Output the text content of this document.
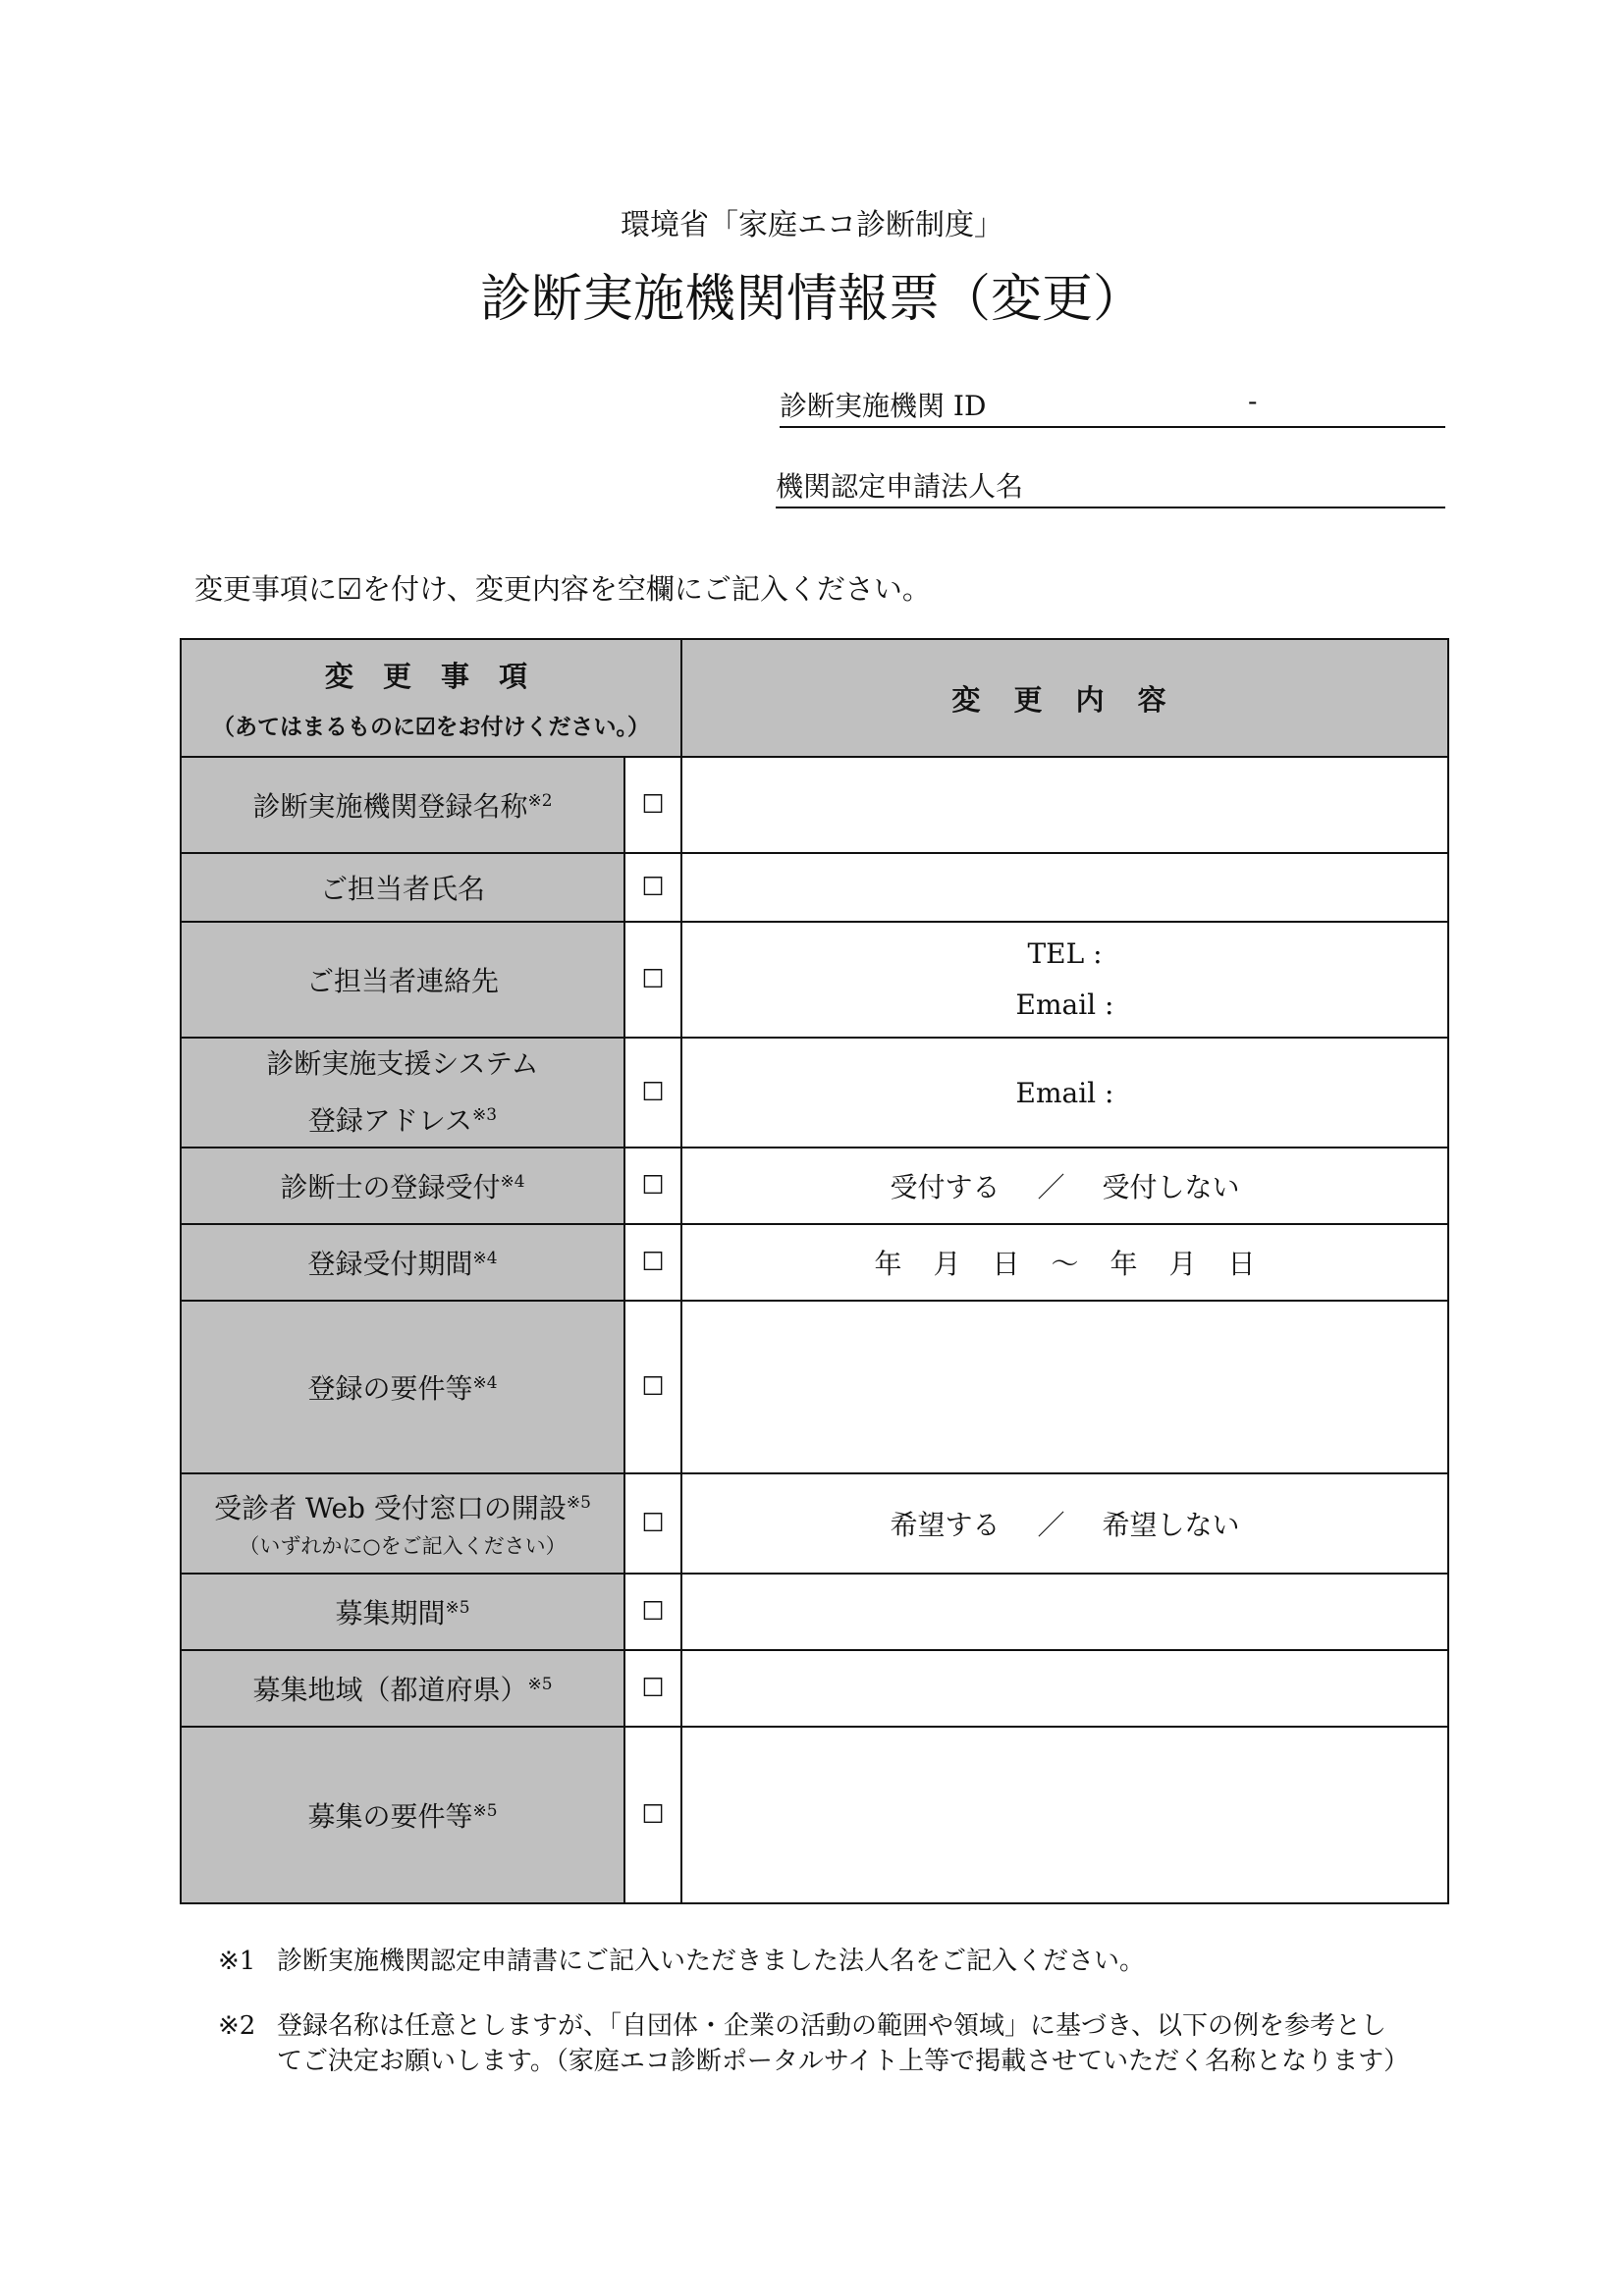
環境省「家庭エコ診断制度」
診断実施機関情報票（変更）
診断実施機関 ID	-
機関認定申請法人名
変更事項に☑を付け、変更内容を空欄にご記入ください。
変 更 事 項
（あてはまるものに☑をお付けください。）		変 更 内 容

診断実施機関登録名称$^{※2}$	☐	
ご担当者氏名	☐	
ご担当者連絡先	☐	TEL :
Email :

診断実施支援システム
登録アドレス$^{※3}$	☐	Email :
診断士の登録受付$^{※4}$	☐	受付する ／ 受付しない
登録受付期間$^{※4}$	☐	年 月 日 ～ 年 月 日
登録の要件等$^{※4}$	☐	

受診者 Web 受付窓口の開設$^{※5}$
（いずれかに○をご記入ください）	☐	希望する ／ 希望しない
募集期間$^{※5}$	☐	
募集地域（都道府県）$^{※5}$	☐	
募集の要件等$^{※5}$	☐	
※1 診断実施機関認定申請書にご記入いただきました法人名をご記入ください。
※2 登録名称は任意としますが、「自団体・企業の活動の範囲や領域」に基づき、以下の例を参考とし
てご決定お願いします。（家庭エコ診断ポータルサイト上等で掲載させていただく名称となります）
